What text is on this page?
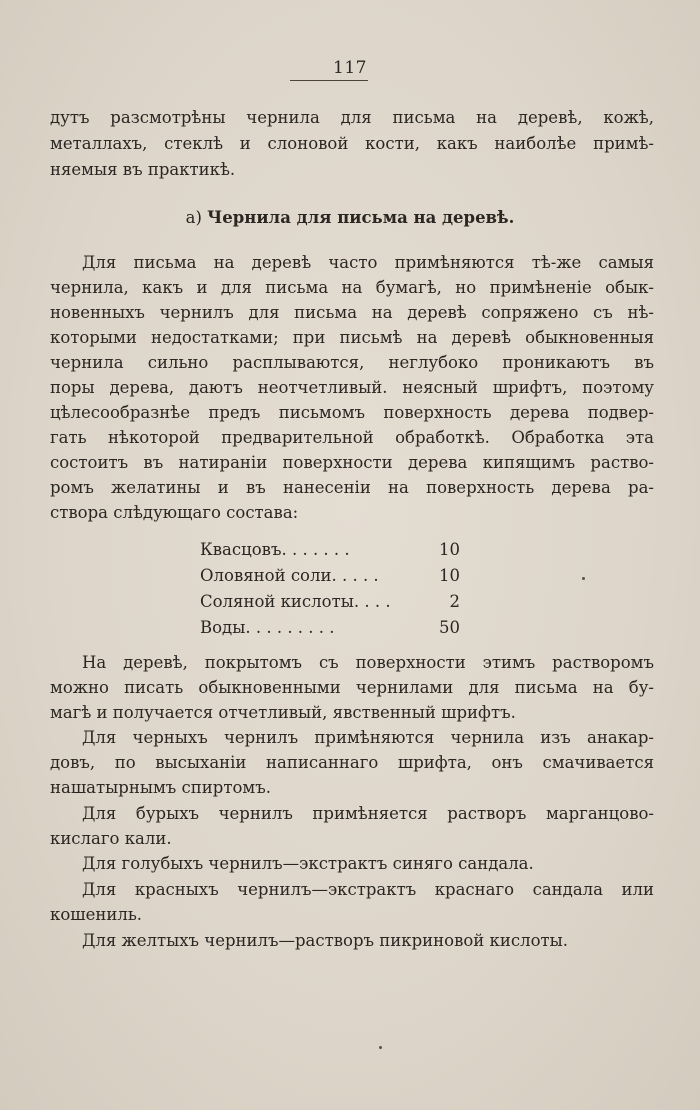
117
дутъ разсмотрѣны чернила для письма на деревѣ, кожѣ,
металлахъ, стеклѣ и слоновой кости, какъ наиболѣе примѣ-
няемыя въ практикѣ.
a) Чернила для письма на деревѣ.
Для письма на деревѣ часто примѣняются тѣ-же самыя
чернила, какъ и для письма на бумагѣ, но примѣненіе обык-
новенныхъ чернилъ для письма на деревѣ сопряжено съ нѣ-
которыми недостатками; при письмѣ на деревѣ обыкновенныя
чернила сильно расплываются, неглубоко проникаютъ въ
поры дерева, даютъ неотчетливый. неясный шрифтъ, поэтому
цѣлесообразнѣе предъ письмомъ поверхность дерева подвер-
гать нѣкоторой предварительной обработкѣ. Обработка эта
состоитъ въ натираніи поверхности дерева кипящимъ раство-
ромъ желатины и въ нанесеніи на поверхность дерева ра-
створа слѣдующаго состава:
Квасцовъ. . . . . . .	10
Оловяной соли. . . . .	10
Соляной кислоты. . . .	2
Воды. . . . . . . . .	50
На деревѣ, покрытомъ съ поверхности этимъ растворомъ
можно писать обыкновенными чернилами для письма на бу-
магѣ и получается отчетливый, явственный шрифтъ.
Для черныхъ чернилъ примѣняются чернила изъ анакар-
довъ, по высыханіи написаннаго шрифта, онъ смачивается
нашатырнымъ спиртомъ.
Для бурыхъ чернилъ примѣняется растворъ марганцово-
кислаго кали.
Для голубыхъ чернилъ—экстрактъ синяго сандала.
Для красныхъ чернилъ—экстрактъ краснаго сандала или
кошениль.
Для желтыхъ чернилъ—растворъ пикриновой кислоты.
